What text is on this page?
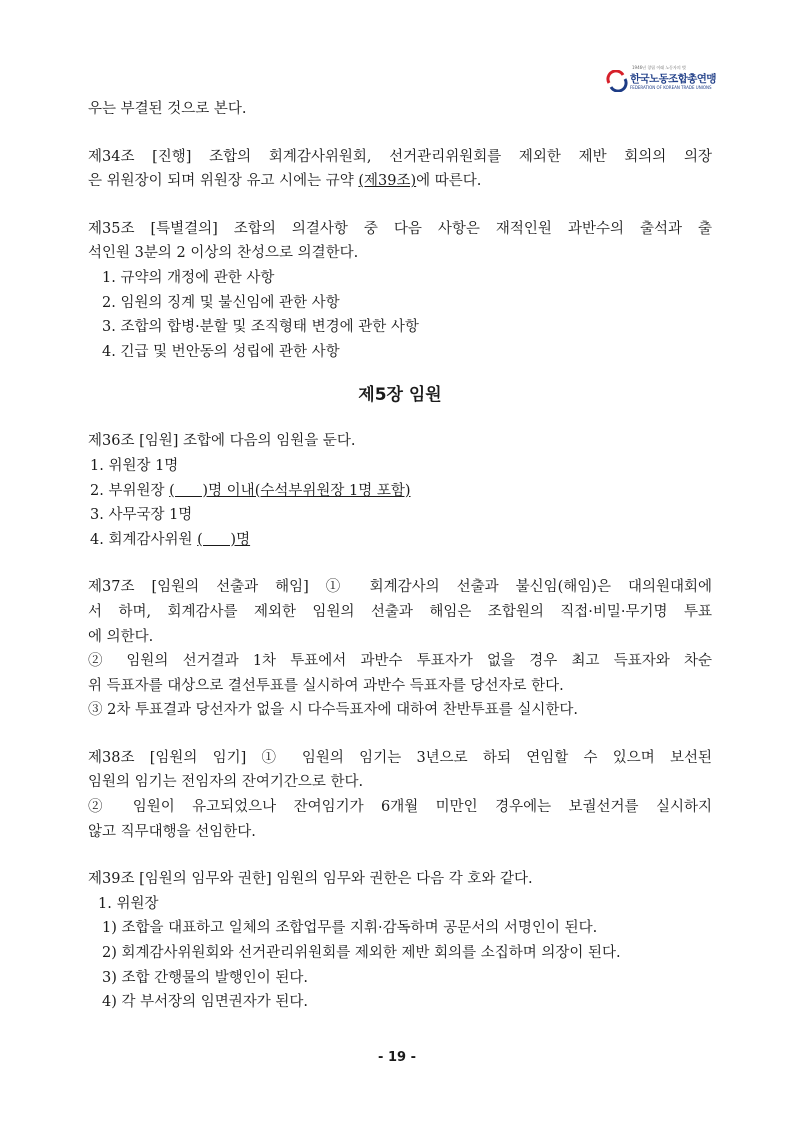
1946년 창립 이래 노동자의 벗
한국노동조합총연맹
FEDERATION OF KOREAN TRADE UNIONS
우는 부결된 것으로 본다.
제34조 [진행] 조합의 회계감사위원회, 선거관리위원회를 제외한 제반 회의의 의장
은 위원장이 되며 위원장 유고 시에는 규약 (제39조)에 따른다.
제35조 [특별결의] 조합의 의결사항 중 다음 사항은 재적인원 과반수의 출석과 출
석인원 3분의 2 이상의 찬성으로 의결한다.
1. 규약의 개정에 관한 사항
2. 임원의 징계 및 불신임에 관한 사항
3. 조합의 합병·분할 및 조직형태 변경에 관한 사항
4. 긴급 및 번안동의 성립에 관한 사항
제5장 임원
제36조 [임원] 조합에 다음의 임원을 둔다.
1. 위원장 1명
2. 부위원장 (      )명 이내(수석부위원장 1명 포함)
3. 사무국장 1명
4. 회계감사위원 (      )명
제37조 [임원의 선출과 해임] ① 회계감사의 선출과 불신임(해임)은 대의원대회에
서 하며, 회계감사를 제외한 임원의 선출과 해임은 조합원의 직접·비밀·무기명 투표
에 의한다.
② 임원의 선거결과 1차 투표에서 과반수 투표자가 없을 경우 최고 득표자와 차순
위 득표자를 대상으로 결선투표를 실시하여 과반수 득표자를 당선자로 한다.
③ 2차 투표결과 당선자가 없을 시 다수득표자에 대하여 찬반투표를 실시한다.
제38조 [임원의 임기] ① 임원의 임기는 3년으로 하되 연임할 수 있으며 보선된
임원의 임기는 전임자의 잔여기간으로 한다.
② 임원이 유고되었으나 잔여임기가 6개월 미만인 경우에는 보궐선거를 실시하지
않고 직무대행을 선임한다.
제39조 [임원의 임무와 권한] 임원의 임무와 권한은 다음 각 호와 같다.
1. 위원장
1) 조합을 대표하고 일체의 조합업무를 지휘·감독하며 공문서의 서명인이 된다.
2) 회계감사위원회와 선거관리위원회를 제외한 제반 회의를 소집하며 의장이 된다.
3) 조합 간행물의 발행인이 된다.
4) 각 부서장의 임면권자가 된다.
- 19 -
